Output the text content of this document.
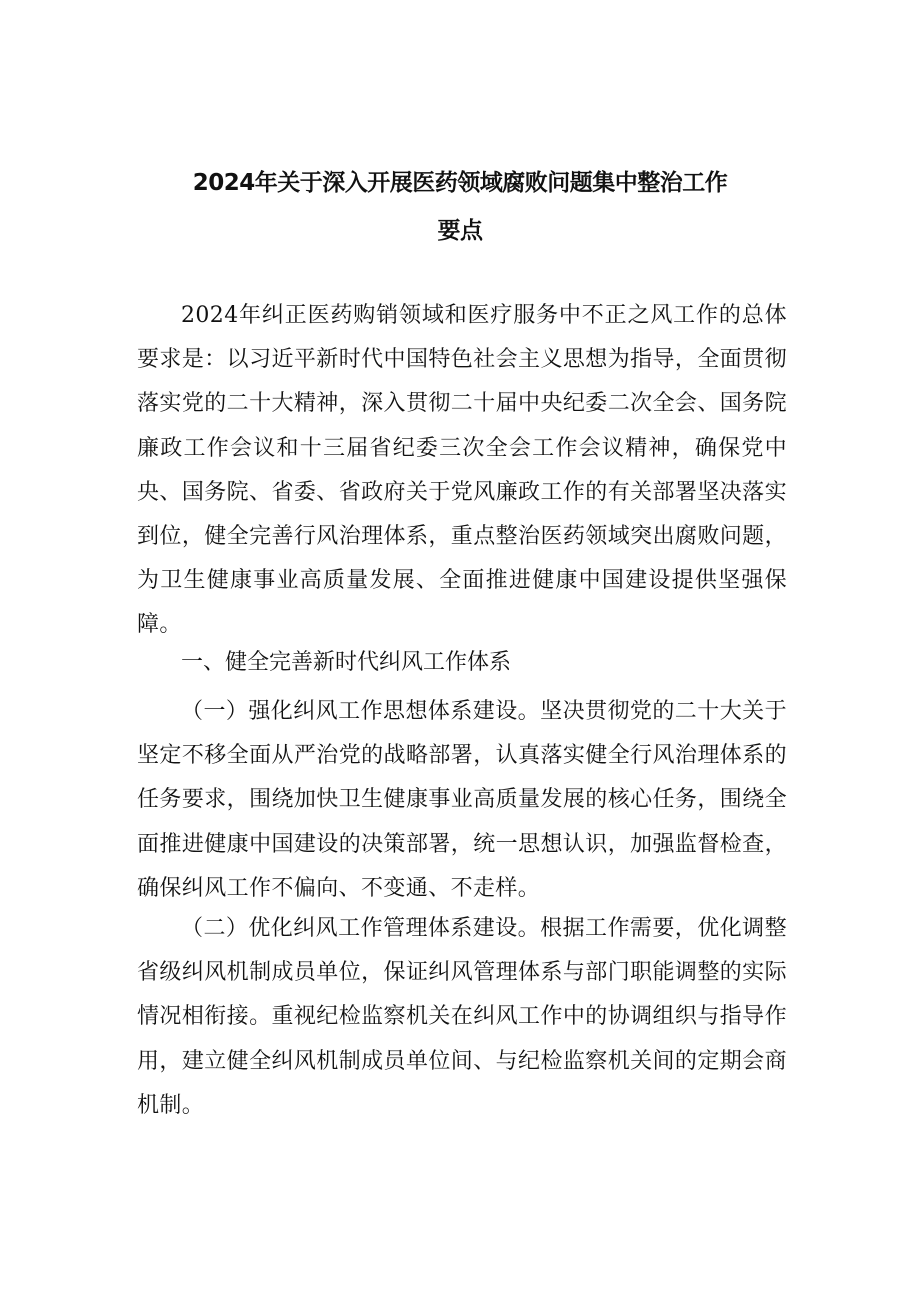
2024年关于深入开展医药领域腐败问题集中整治工作
要点

2024年纠正医药购销领域和医疗服务中不正之风工作的总体要求是：以习近平新时代中国特色社会主义思想为指导，全面贯彻落实党的二十大精神，深入贯彻二十届中央纪委二次全会、国务院廉政工作会议和十三届省纪委三次全会工作会议精神，确保党中央、国务院、省委、省政府关于党风廉政工作的有关部署坚决落实到位，健全完善行风治理体系，重点整治医药领域突出腐败问题，为卫生健康事业高质量发展、全面推进健康中国建设提供坚强保障。

一、健全完善新时代纠风工作体系

（一）强化纠风工作思想体系建设。坚决贯彻党的二十大关于坚定不移全面从严治党的战略部署，认真落实健全行风治理体系的任务要求，围绕加快卫生健康事业高质量发展的核心任务，围绕全面推进健康中国建设的决策部署，统一思想认识，加强监督检查，确保纠风工作不偏向、不变通、不走样。

（二）优化纠风工作管理体系建设。根据工作需要，优化调整省级纠风机制成员单位，保证纠风管理体系与部门职能调整的实际情况相衔接。重视纪检监察机关在纠风工作中的协调组织与指导作用，建立健全纠风机制成员单位间、与纪检监察机关间的定期会商机制。
